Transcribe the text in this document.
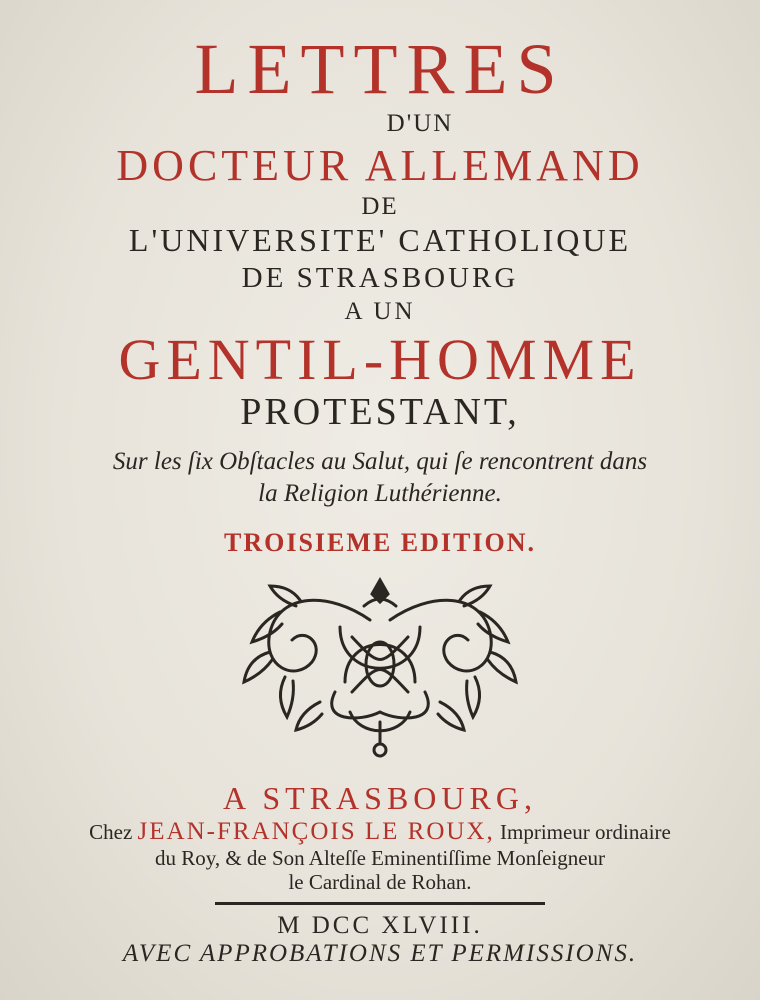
LETTRES
D'UN
DOCTEUR ALLEMAND
DE
L'UNIVERSITE' CATHOLIQUE
DE STRASBOURG
A UN
GENTIL-HOMME
PROTESTANT,
Sur les ſix Obſtacles au Salut, qui ſe rencontrent dans
la Religion Luthérienne.
TROISIEME EDITION.
A STRASBOURG,
Chez JEAN-FRANÇOIS LE ROUX, Imprimeur ordinaire
du Roy, & de Son Alteſſe Eminentiſſime Monſeigneur
le Cardinal de Rohan.
M DCC XLVIII.
AVEC APPROBATIONS ET PERMISSIONS.
